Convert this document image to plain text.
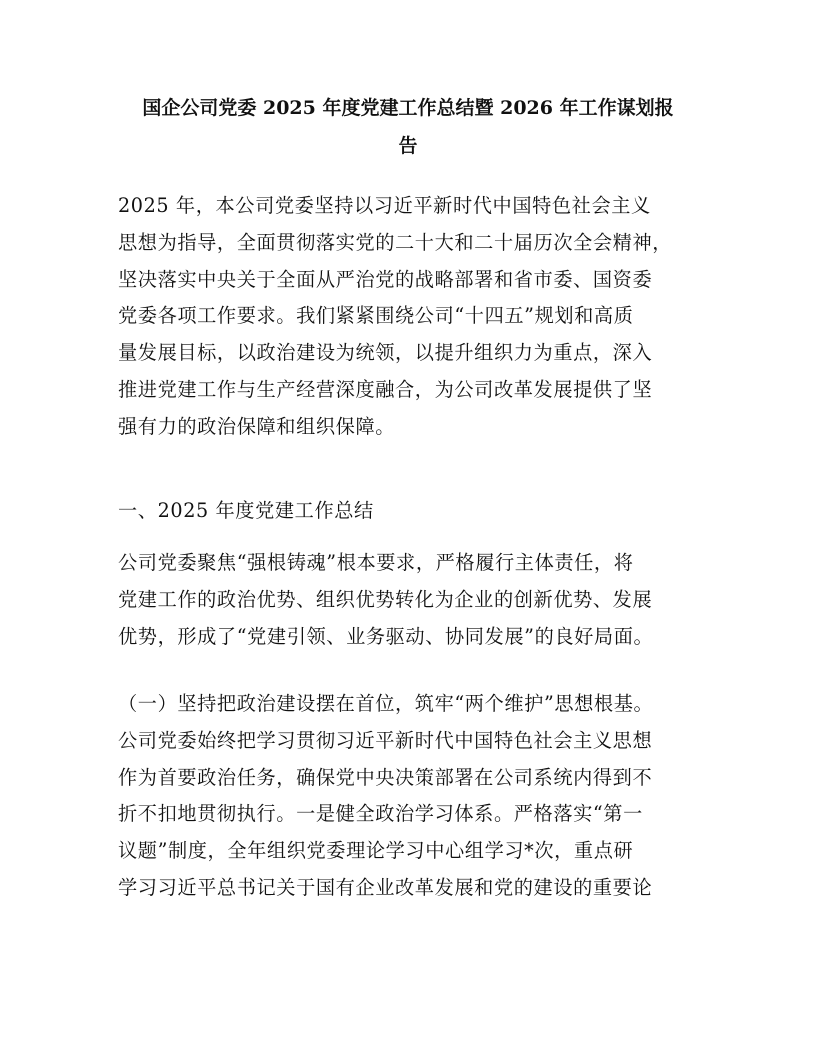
国企公司党委 2025 年度党建工作总结暨 2026 年工作谋划报
告

2025 年，本公司党委坚持以习近平新时代中国特色社会主义
思想为指导，全面贯彻落实党的二十大和二十届历次全会精神，
坚决落实中央关于全面从严治党的战略部署和省市委、国资委
党委各项工作要求。我们紧紧围绕公司“十四五”规划和高质
量发展目标，以政治建设为统领，以提升组织力为重点，深入
推进党建工作与生产经营深度融合，为公司改革发展提供了坚
强有力的政治保障和组织保障。

一、2025 年度党建工作总结

公司党委聚焦“强根铸魂”根本要求，严格履行主体责任，将
党建工作的政治优势、组织优势转化为企业的创新优势、发展
优势，形成了“党建引领、业务驱动、协同发展”的良好局面。

（一）坚持把政治建设摆在首位，筑牢“两个维护”思想根基。
公司党委始终把学习贯彻习近平新时代中国特色社会主义思想
作为首要政治任务，确保党中央决策部署在公司系统内得到不
折不扣地贯彻执行。一是健全政治学习体系。严格落实“第一
议题”制度，全年组织党委理论学习中心组学习*次，重点研
学习习近平总书记关于国有企业改革发展和党的建设的重要论
